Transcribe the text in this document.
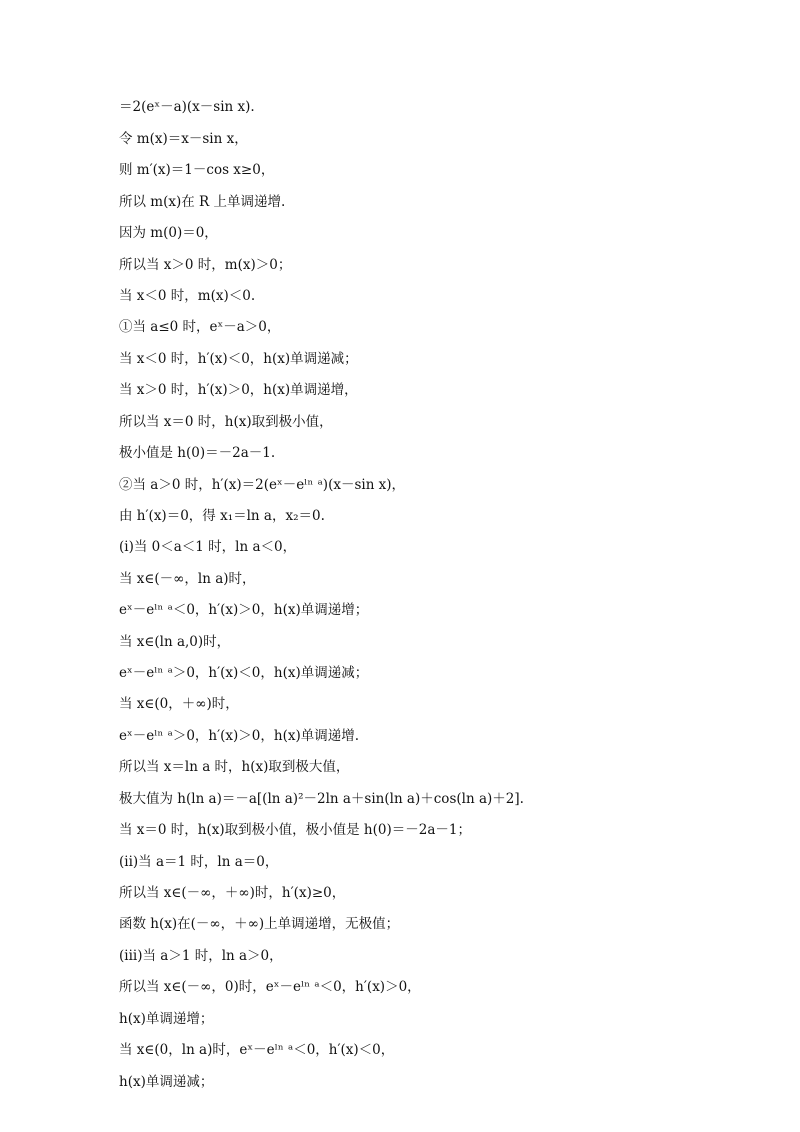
＝2(eˣ－a)(x－sin x).
令 m(x)＝x－sin x，
则 m′(x)＝1－cos x≥0，
所以 m(x)在 R 上单调递增.
因为 m(0)＝0，
所以当 x＞0 时，m(x)＞0；
当 x＜0 时，m(x)＜0.
①当 a≤0 时，eˣ－a＞0，
当 x＜0 时，h′(x)＜0，h(x)单调递减；
当 x＞0 时，h′(x)＞0，h(x)单调递增，
所以当 x＝0 时，h(x)取到极小值，
极小值是 h(0)＝－2a－1.
②当 a＞0 时，h′(x)＝2(eˣ－eˡⁿ ᵃ)(x－sin x)，
由 h′(x)＝0，得 x₁＝ln a，x₂＝0.
(i)当 0＜a＜1 时，ln a＜0，
当 x∈(－∞，ln a)时，
eˣ－eˡⁿ ᵃ＜0，h′(x)＞0，h(x)单调递增；
当 x∈(ln a,0)时，
eˣ－eˡⁿ ᵃ＞0，h′(x)＜0，h(x)单调递减；
当 x∈(0，＋∞)时，
eˣ－eˡⁿ ᵃ＞0，h′(x)＞0，h(x)单调递增.
所以当 x＝ln a 时，h(x)取到极大值，
极大值为 h(ln a)＝－a[(ln a)²－2ln a＋sin(ln a)＋cos(ln a)＋2].
当 x＝0 时，h(x)取到极小值，极小值是 h(0)＝－2a－1；
(ii)当 a＝1 时，ln a＝0，
所以当 x∈(－∞，＋∞)时，h′(x)≥0，
函数 h(x)在(－∞，＋∞)上单调递增，无极值；
(iii)当 a＞1 时，ln a＞0，
所以当 x∈(－∞，0)时，eˣ－eˡⁿ ᵃ＜0，h′(x)＞0，
h(x)单调递增；
当 x∈(0，ln a)时，eˣ－eˡⁿ ᵃ＜0，h′(x)＜0，
h(x)单调递减；
